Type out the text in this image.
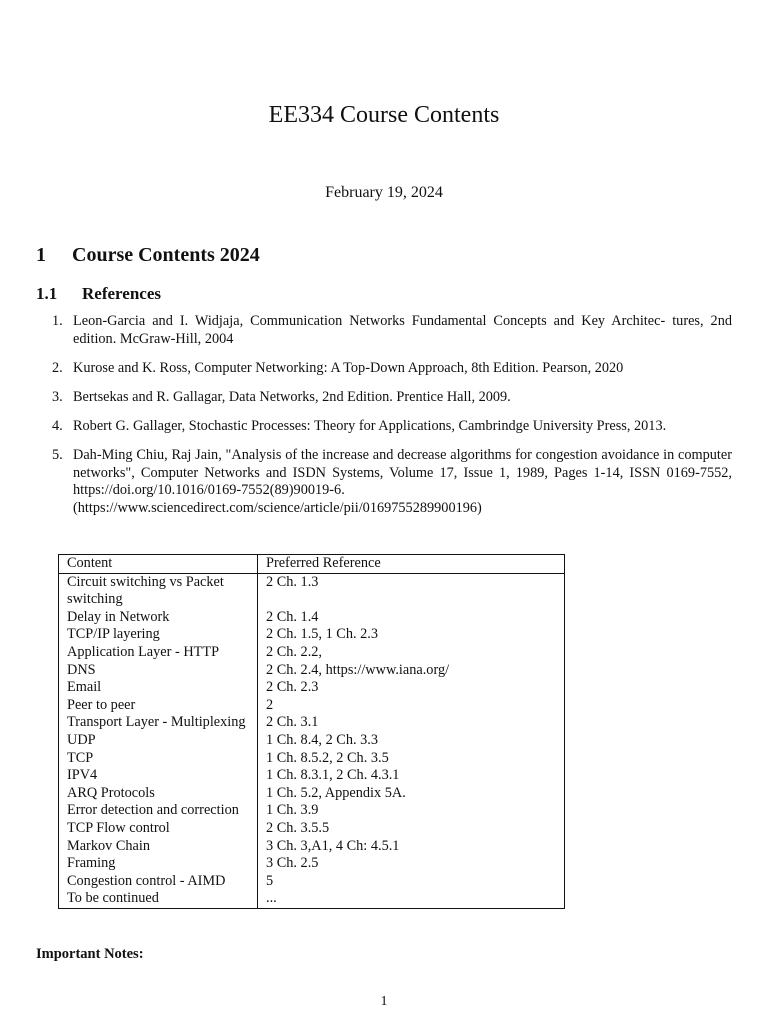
EE334 Course Contents
February 19, 2024
1 Course Contents 2024
1.1 References
1. Leon-Garcia and I. Widjaja, Communication Networks Fundamental Concepts and Key Architec- tures, 2nd edition. McGraw-Hill, 2004
2. Kurose and K. Ross, Computer Networking: A Top-Down Approach, 8th Edition. Pearson, 2020
3. Bertsekas and R. Gallagar, Data Networks, 2nd Edition. Prentice Hall, 2009.
4. Robert G. Gallager, Stochastic Processes: Theory for Applications, Cambrindge University Press, 2013.
5. Dah-Ming Chiu, Raj Jain, "Analysis of the increase and decrease algorithms for congestion avoidance in computer networks", Computer Networks and ISDN Systems, Volume 17, Issue 1, 1989, Pages 1-14, ISSN 0169-7552, https://doi.org/10.1016/0169-7552(89)90019-6. (https://www.sciencedirect.com/science/article/pii/0169755289900196)
Content	Preferred Reference
Circuit switching vs Packet switching	2 Ch. 1.3
Delay in Network	2 Ch. 1.4
TCP/IP layering	2 Ch. 1.5, 1 Ch. 2.3
Application Layer - HTTP	2 Ch. 2.2,
DNS	2 Ch. 2.4, https://www.iana.org/
Email	2 Ch. 2.3
Peer to peer	2
Transport Layer - Multiplexing	2 Ch. 3.1
UDP	1 Ch. 8.4, 2 Ch. 3.3
TCP	1 Ch. 8.5.2, 2 Ch. 3.5
IPV4	1 Ch. 8.3.1, 2 Ch. 4.3.1
ARQ Protocols	1 Ch. 5.2, Appendix 5A.
Error detection and correction	1 Ch. 3.9
TCP Flow control	2 Ch. 3.5.5
Markov Chain	3 Ch. 3,A1, 4 Ch: 4.5.1
Framing	3 Ch. 2.5
Congestion control - AIMD	5
To be continued	...
Important Notes:
1
